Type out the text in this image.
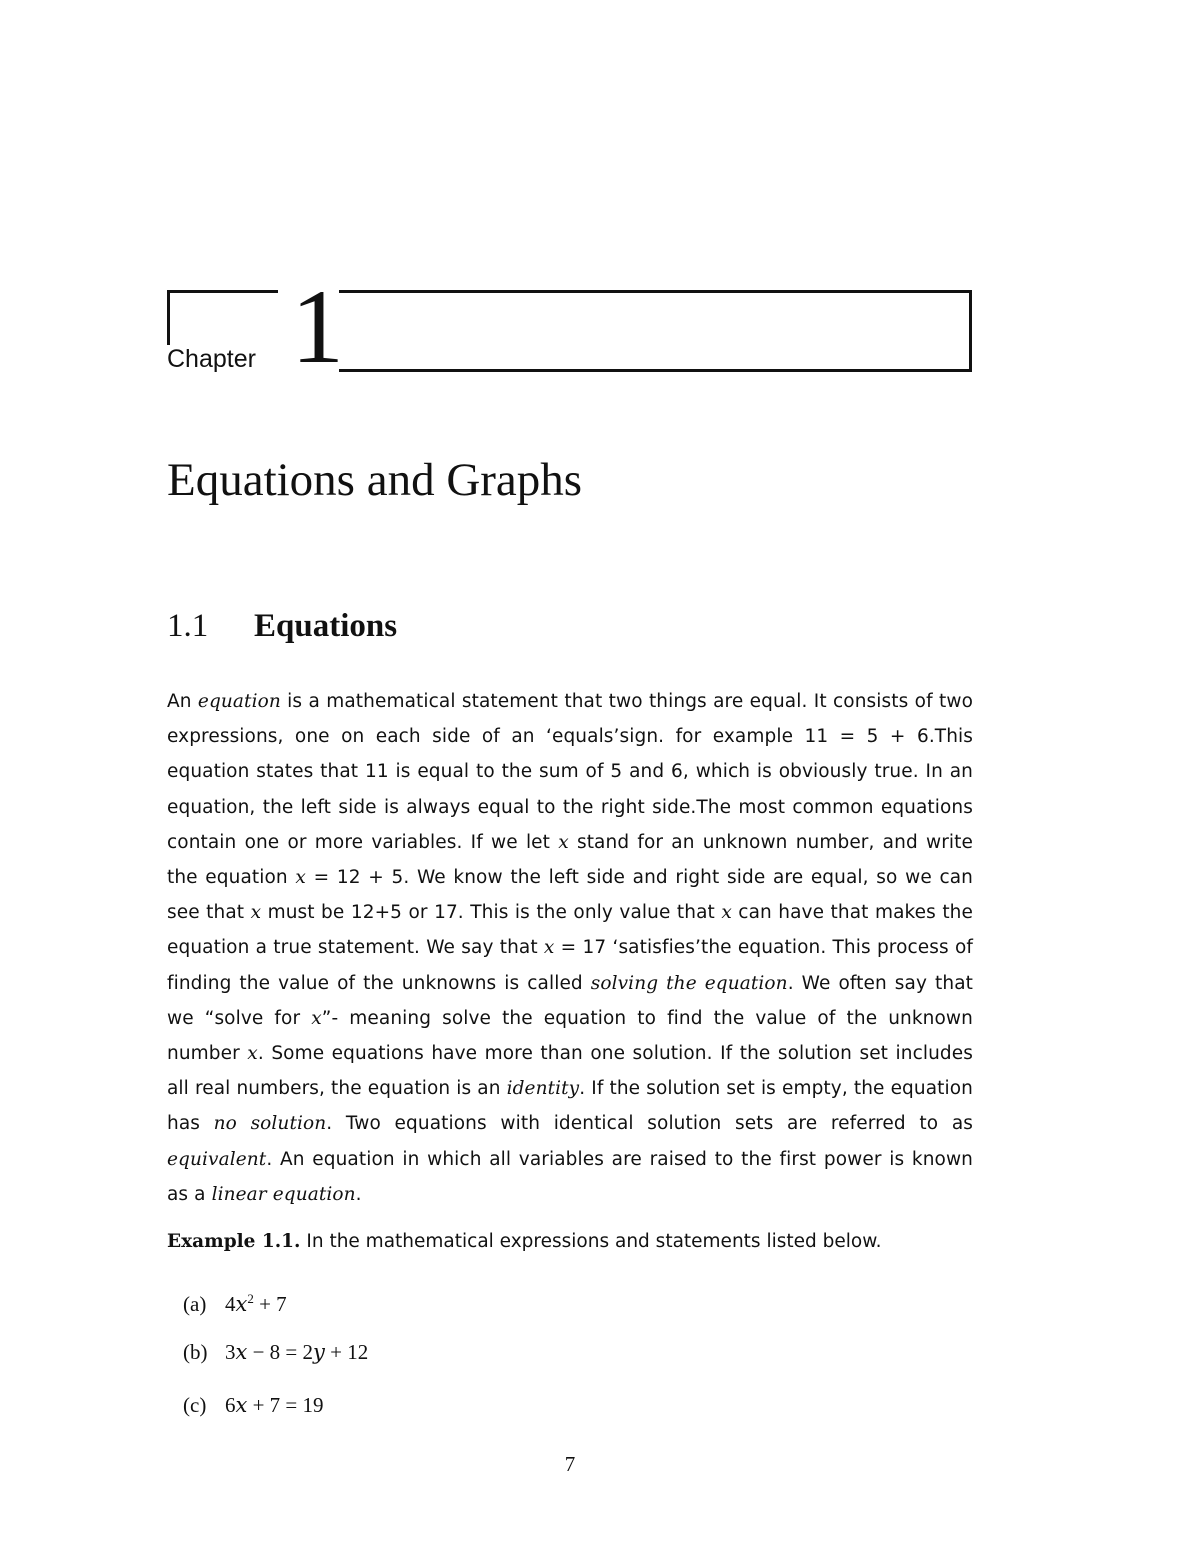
Chapter 1
Equations and Graphs
1.1 Equations
An equation is a mathematical statement that two things are equal. It consists of two expressions, one on each side of an ‘equals’sign. for example 11 = 5 + 6.This equation states that 11 is equal to the sum of 5 and 6, which is obviously true. In an equation, the left side is always equal to the right side.The most common equations contain one or more variables. If we let x stand for an unknown number, and write the equation x = 12 + 5. We know the left side and right side are equal, so we can see that x must be 12+5 or 17. This is the only value that x can have that makes the equation a true statement. We say that x = 17 ‘satisfies’the equation. This process of finding the value of the unknowns is called solving the equation. We often say that we “solve for x”- meaning solve the equation to find the value of the unknown number x. Some equations have more than one solution. If the solution set includes all real numbers, the equation is an identity. If the solution set is empty, the equation has no solution. Two equations with identical solution sets are referred to as equivalent. An equation in which all variables are raised to the first power is known as a linear equation.
Example 1.1. In the mathematical expressions and statements listed below.
(a) $4x^2 + 7$
(b) 3x − 8 = 2y + 12
(c) 6x + 7 = 19
7
